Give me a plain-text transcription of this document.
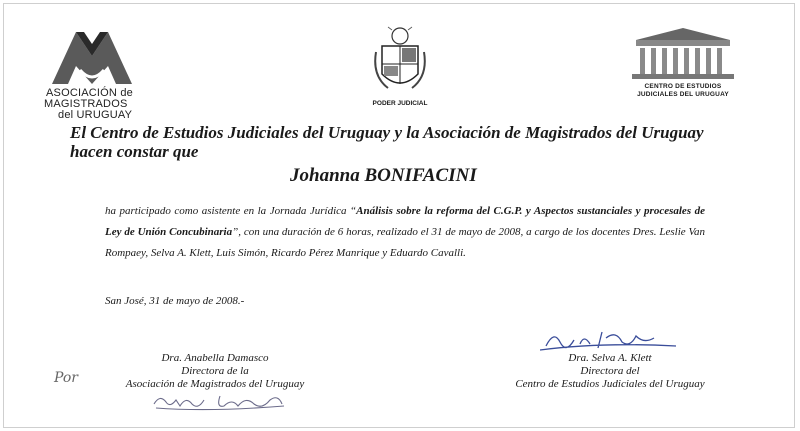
ASOCIACIÓN de
MAGISTRADOS
del URUGUAY
PODER JUDICIAL
CENTRO DE ESTUDIOS
JUDICIALES DEL URUGUAY
El Centro de Estudios Judiciales del Uruguay y la Asociación de Magistrados del Uruguay hacen constar que
Johanna BONIFACINI
ha participado como asistente en la Jornada Jurídica “Análisis sobre la reforma del C.G.P. y Aspectos sustanciales y procesales de Ley de Unión Concubinaria”, con una duración de 6 horas, realizado el 31 de mayo de 2008, a cargo de los docentes Dres. Leslie Van Rompaey, Selva A. Klett, Luis Simón, Ricardo Pérez Manrique y Eduardo Cavalli.
San José, 31 de mayo de 2008.-
Dra. Anabella Damasco
Directora de la
Asociación de Magistrados del Uruguay
Dra. Selva A. Klett
Directora del
Centro de Estudios Judiciales del Uruguay
Por
